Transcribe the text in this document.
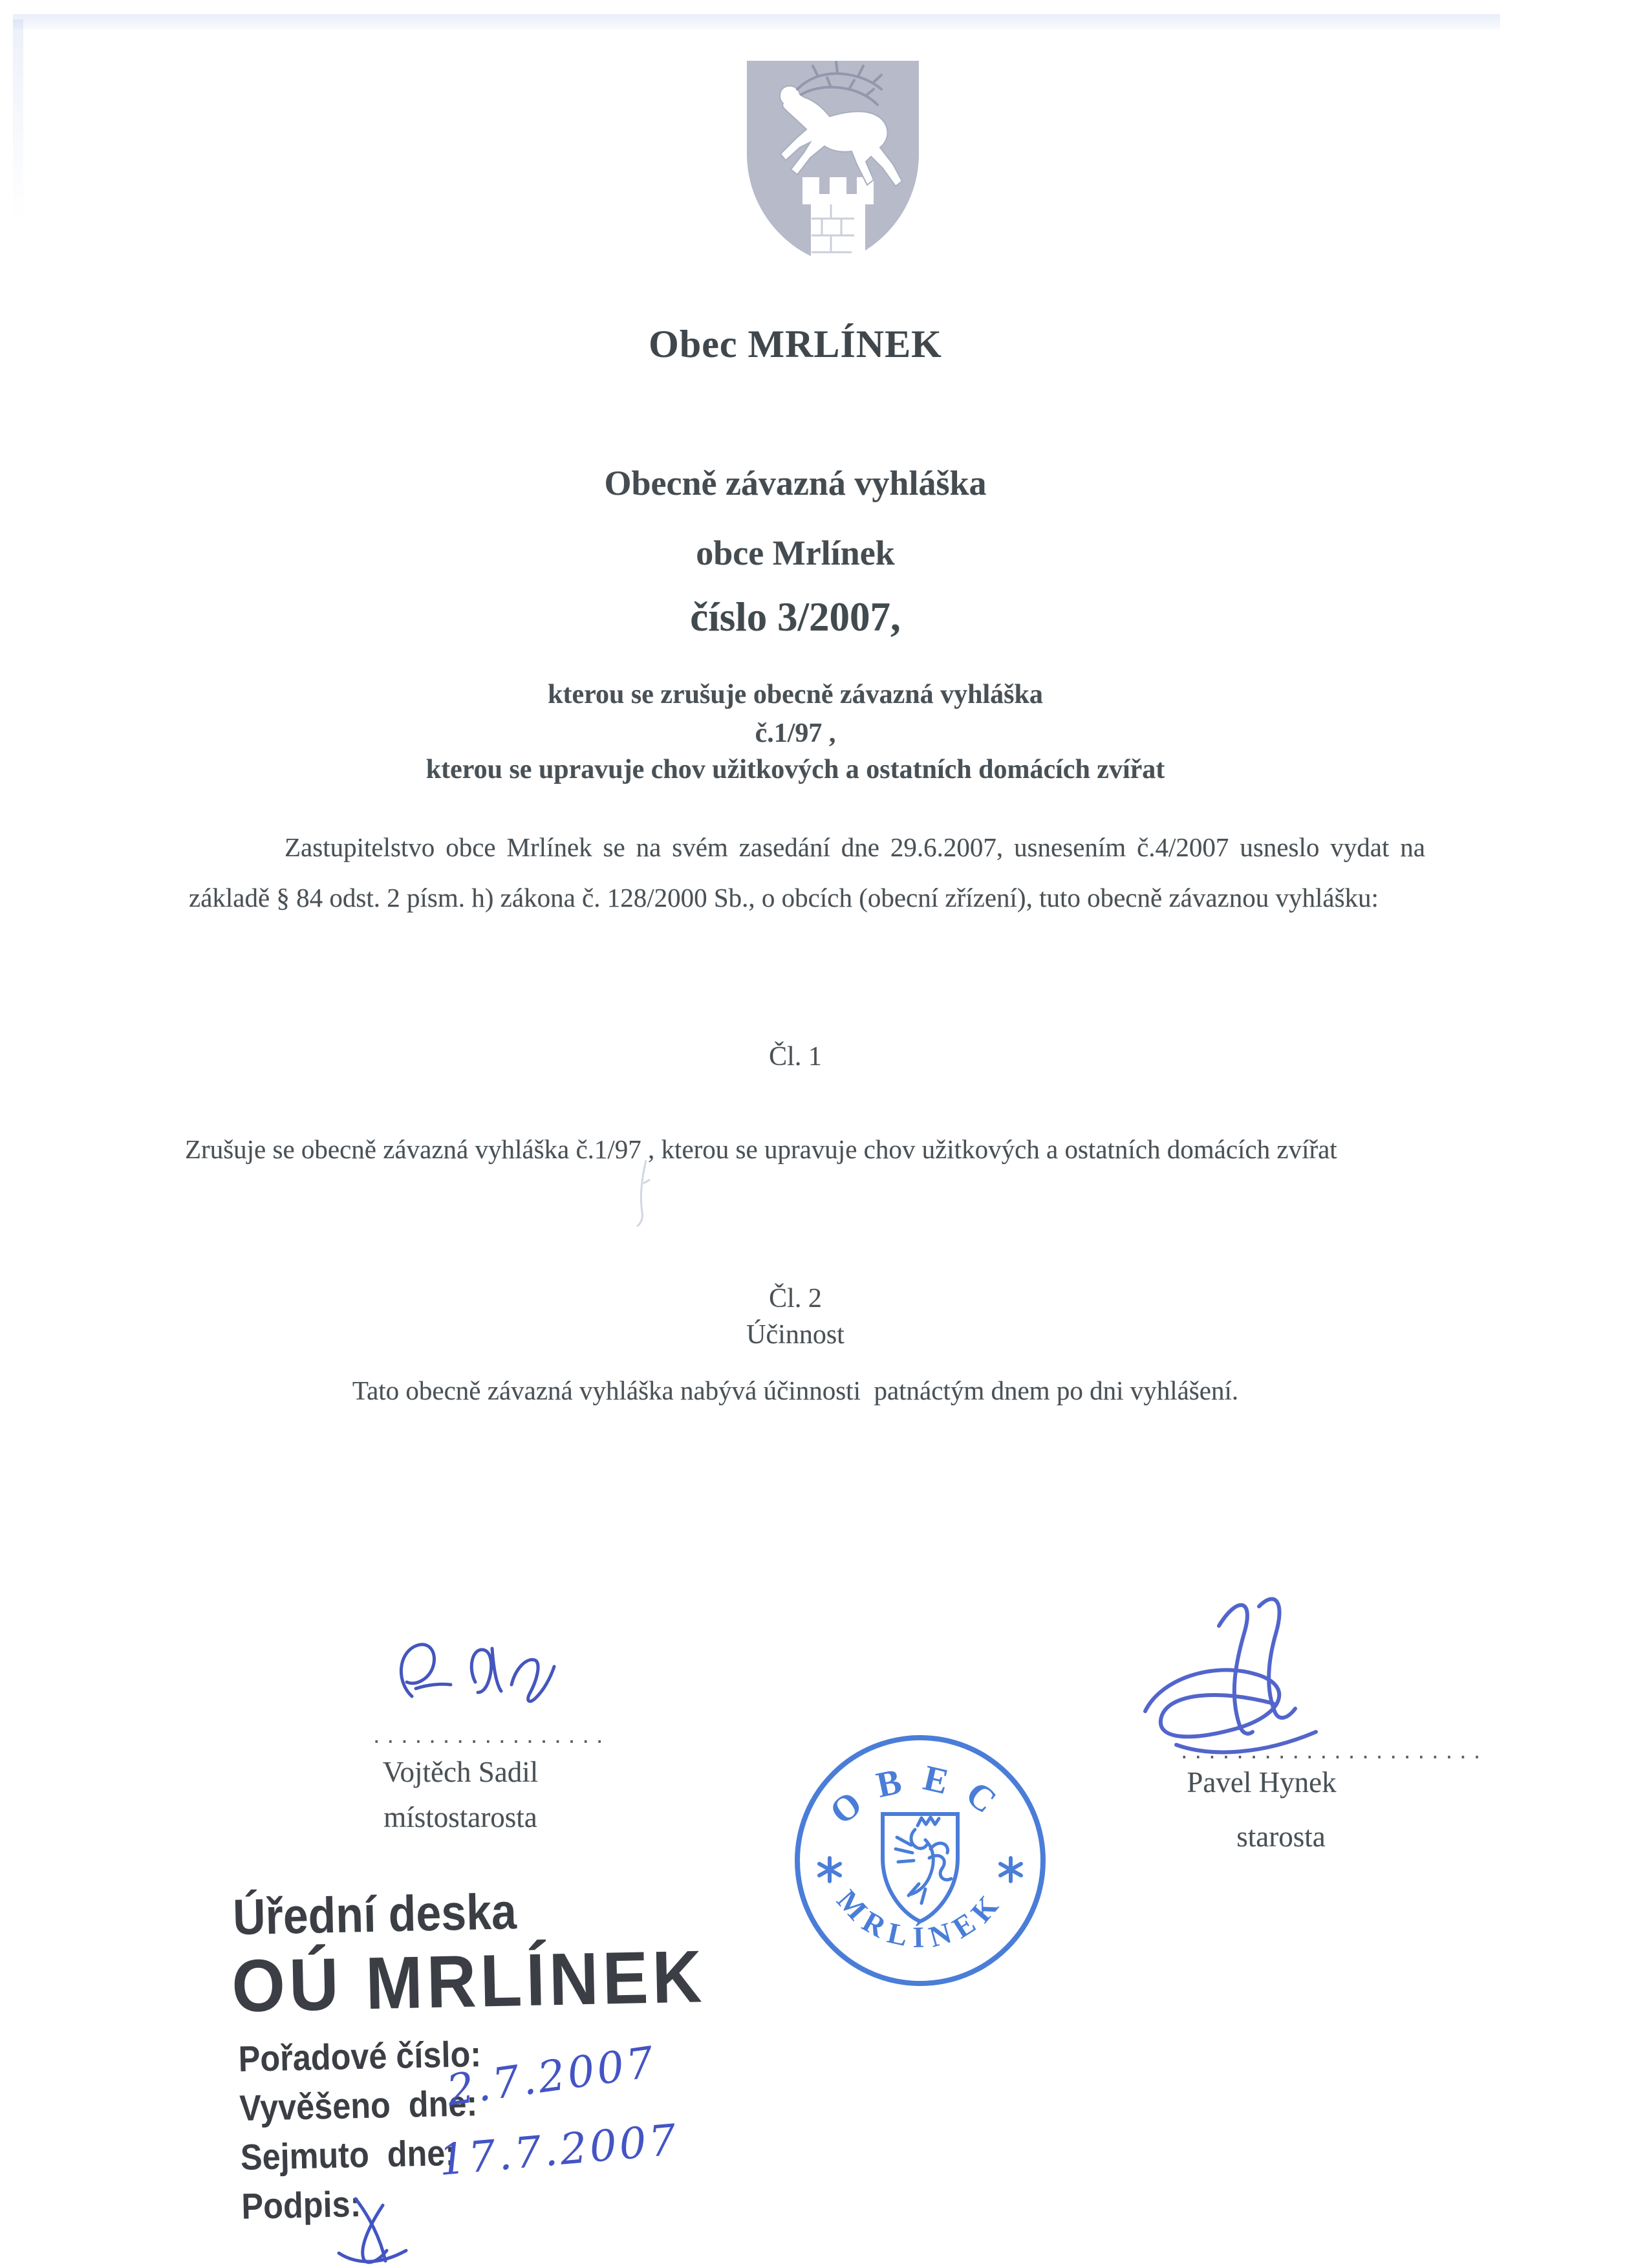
Obec MRLÍNEK
Obecně závazná vyhláška
obce Mrlínek
číslo 3/2007,
kterou se zrušuje obecně závazná vyhláška
č.1/97 ,
kterou se upravuje chov užitkových a ostatních domácích zvířat
Zastupitelstvo obce Mrlínek se na svém zasedání dne 29.6.2007, usnesením č.4/2007 usneslo vydat na základě § 84 odst. 2 písm. h) zákona č. 128/2000 Sb., o obcích (obecní zřízení), tuto obecně závaznou vyhlášku:
Čl. 1
Zrušuje se obecně závazná vyhláška č.1/97 , kterou se upravuje chov užitkových a ostatních domácích zvířat
Čl. 2
Účinnost
Tato obecně závazná vyhláška nabývá účinnosti  patnáctým dnem po dni vyhlášení.
.................
Vojtěch Sadil
místostarosta
......................
Pavel Hynek
starosta
OBEC
MRLÍNEK
Úřední deska
OÚ MRLÍNEK
Pořadové číslo:
Vyvěšeno  dne:
Sejmuto  dne:
Podpis:
2.7.2007
17.7.2007
